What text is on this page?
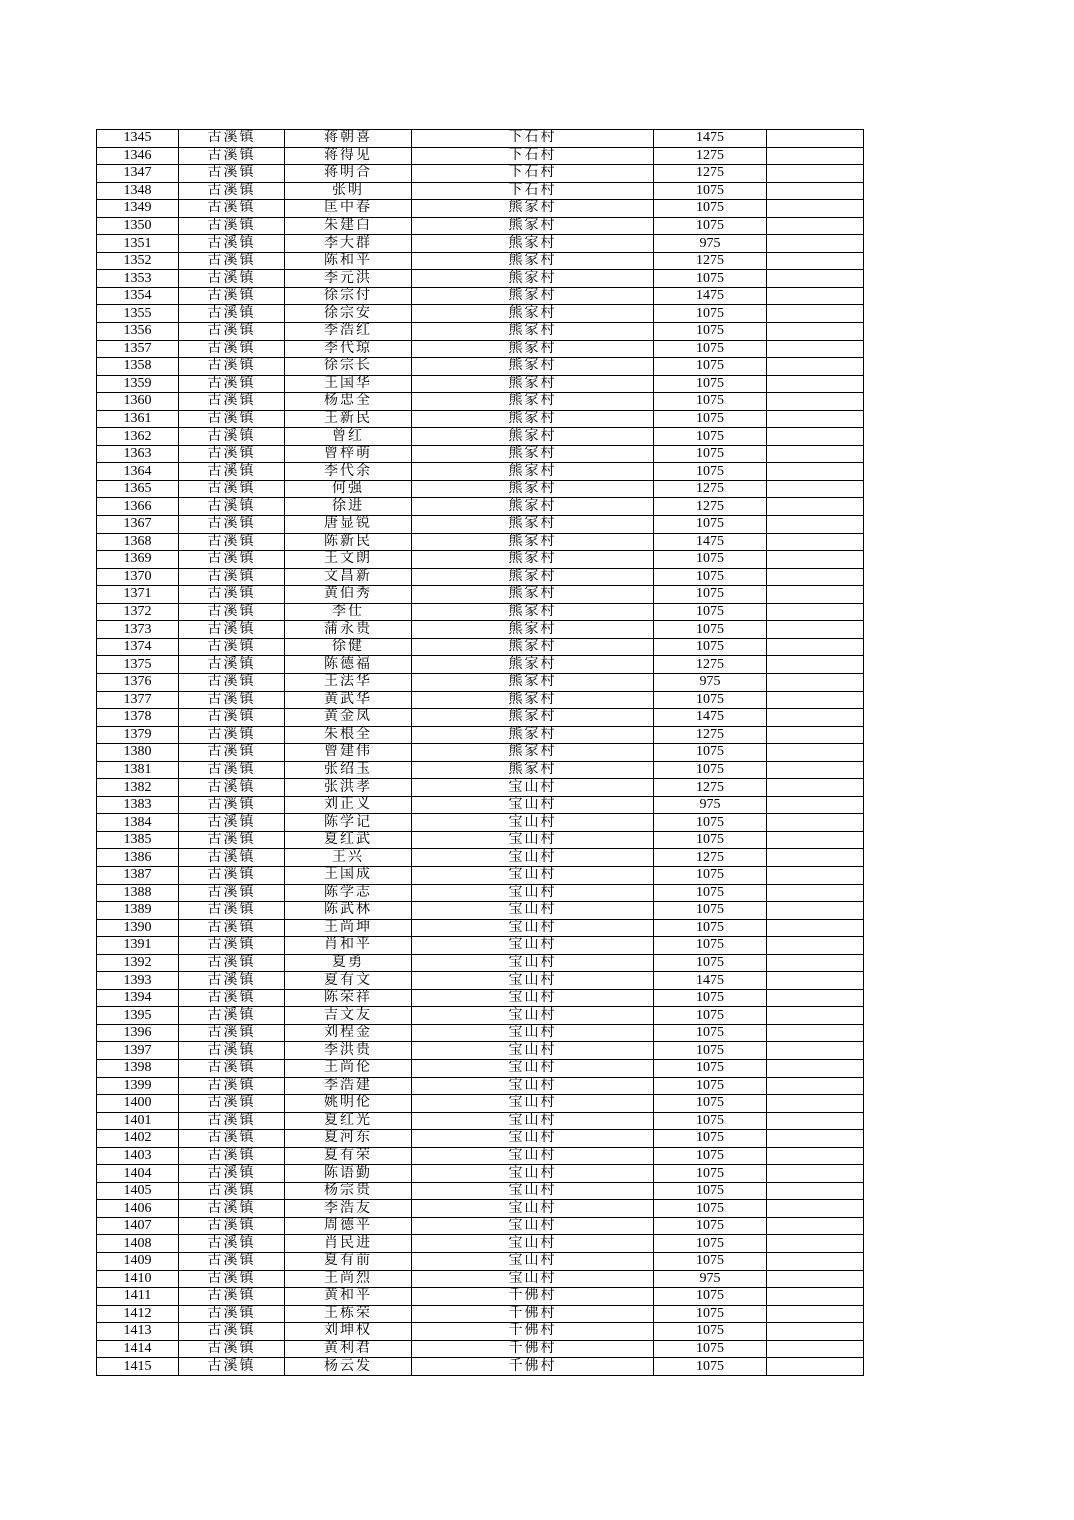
1345	古溪镇	蒋朝喜	下石村	1475	
1346	古溪镇	蒋得见	下石村	1275	
1347	古溪镇	蒋明合	下石村	1275	
1348	古溪镇	张明	下石村	1075	
1349	古溪镇	匡中春	熊家村	1075	
1350	古溪镇	朱建白	熊家村	1075	
1351	古溪镇	李大群	熊家村	975	
1352	古溪镇	陈和平	熊家村	1275	
1353	古溪镇	李元洪	熊家村	1075	
1354	古溪镇	徐宗付	熊家村	1475	
1355	古溪镇	徐宗安	熊家村	1075	
1356	古溪镇	李浩红	熊家村	1075	
1357	古溪镇	李代琼	熊家村	1075	
1358	古溪镇	徐宗长	熊家村	1075	
1359	古溪镇	王国华	熊家村	1075	
1360	古溪镇	杨忠全	熊家村	1075	
1361	古溪镇	王新民	熊家村	1075	
1362	古溪镇	曾红	熊家村	1075	
1363	古溪镇	曾梓萌	熊家村	1075	
1364	古溪镇	李代余	熊家村	1075	
1365	古溪镇	何强	熊家村	1275	
1366	古溪镇	徐进	熊家村	1275	
1367	古溪镇	唐显锐	熊家村	1075	
1368	古溪镇	陈新民	熊家村	1475	
1369	古溪镇	王文朗	熊家村	1075	
1370	古溪镇	文昌新	熊家村	1075	
1371	古溪镇	黄伯秀	熊家村	1075	
1372	古溪镇	李仕	熊家村	1075	
1373	古溪镇	蒲永贵	熊家村	1075	
1374	古溪镇	徐健	熊家村	1075	
1375	古溪镇	陈德福	熊家村	1275	
1376	古溪镇	王法华	熊家村	975	
1377	古溪镇	黄武华	熊家村	1075	
1378	古溪镇	黄金凤	熊家村	1475	
1379	古溪镇	朱根全	熊家村	1275	
1380	古溪镇	曾建伟	熊家村	1075	
1381	古溪镇	张绍玉	熊家村	1075	
1382	古溪镇	张洪孝	宝山村	1275	
1383	古溪镇	刘正义	宝山村	975	
1384	古溪镇	陈学记	宝山村	1075	
1385	古溪镇	夏红武	宝山村	1075	
1386	古溪镇	王兴	宝山村	1275	
1387	古溪镇	王国成	宝山村	1075	
1388	古溪镇	陈学志	宝山村	1075	
1389	古溪镇	陈武林	宝山村	1075	
1390	古溪镇	王尚坤	宝山村	1075	
1391	古溪镇	肖和平	宝山村	1075	
1392	古溪镇	夏勇	宝山村	1075	
1393	古溪镇	夏有文	宝山村	1475	
1394	古溪镇	陈荣祥	宝山村	1075	
1395	古溪镇	吉文友	宝山村	1075	
1396	古溪镇	刘程金	宝山村	1075	
1397	古溪镇	李洪贵	宝山村	1075	
1398	古溪镇	王尚伦	宝山村	1075	
1399	古溪镇	李浩建	宝山村	1075	
1400	古溪镇	姚明伦	宝山村	1075	
1401	古溪镇	夏红光	宝山村	1075	
1402	古溪镇	夏河东	宝山村	1075	
1403	古溪镇	夏有荣	宝山村	1075	
1404	古溪镇	陈语勤	宝山村	1075	
1405	古溪镇	杨宗贵	宝山村	1075	
1406	古溪镇	李浩友	宝山村	1075	
1407	古溪镇	周德平	宝山村	1075	
1408	古溪镇	肖民进	宝山村	1075	
1409	古溪镇	夏有前	宝山村	1075	
1410	古溪镇	王尚烈	宝山村	975	
1411	古溪镇	黄和平	千佛村	1075	
1412	古溪镇	王栋荣	千佛村	1075	
1413	古溪镇	刘坤权	千佛村	1075	
1414	古溪镇	黄利君	千佛村	1075	
1415	古溪镇	杨云发	千佛村	1075	
